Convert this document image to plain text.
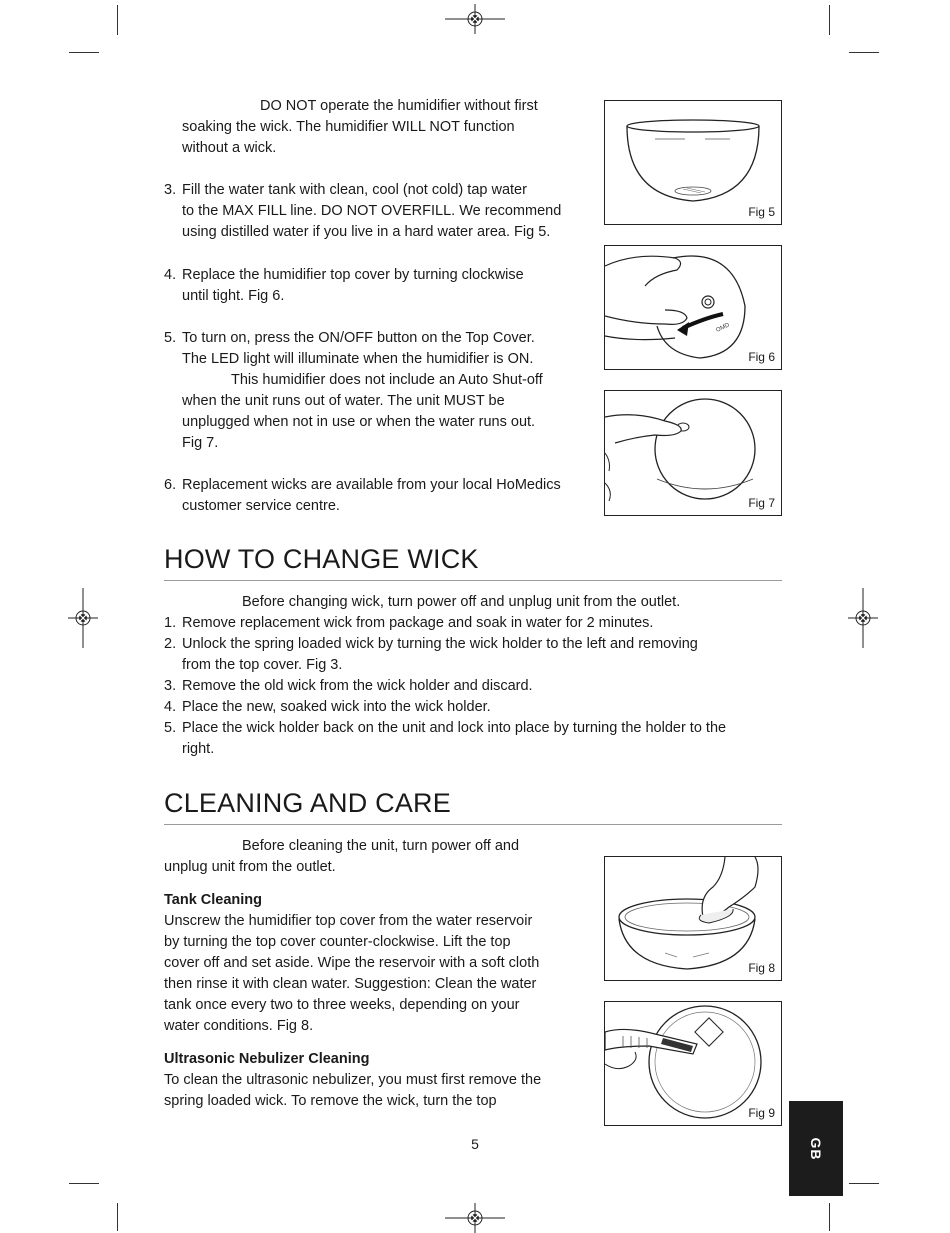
DO NOT operate the humidifier without first
soaking the wick. The humidifier WILL NOT function
without a wick.
3. Fill the water tank with clean, cool (not cold) tap water
to the MAX FILL line. DO NOT OVERFILL. We recommend
using distilled water if you live in a hard water area. Fig 5.
4. Replace the humidifier top cover by turning clockwise
until tight. Fig 6.
5. To turn on, press the ON/OFF button on the Top Cover.
The LED light will illuminate when the humidifier is ON.
This humidifier does not include an Auto Shut-off
when the unit runs out of water. The unit MUST be
unplugged when not in use or when the water runs out.
Fig 7.
6. Replacement wicks are available from your local HoMedics
customer service centre.
Fig 5
OMD
Fig 6
Fig 7
HOW TO CHANGE WICK
Before changing wick, turn power off and unplug unit from the outlet.
1. Remove replacement wick from package and soak in water for 2 minutes.
2. Unlock the spring loaded wick by turning the wick holder to the left and removing
from the top cover. Fig 3.
3. Remove the old wick from the wick holder and discard.
4. Place the new, soaked wick into the wick holder.
5. Place the wick holder back on the unit and lock into place by turning the holder to the
right.
CLEANING AND CARE
Before cleaning the unit, turn power off and
unplug unit from the outlet.
Tank Cleaning
Unscrew the humidifier top cover from the water reservoir
by turning the top cover counter-clockwise. Lift the top
cover off and set aside. Wipe the reservoir with a soft cloth
then rinse it with clean water. Suggestion: Clean the water
tank once every two to three weeks, depending on your
water conditions. Fig 8.
Ultrasonic Nebulizer Cleaning
To clean the ultrasonic nebulizer, you must first remove the
spring loaded wick. To remove the wick, turn the top
Fig 8
Fig 9
5	GB
